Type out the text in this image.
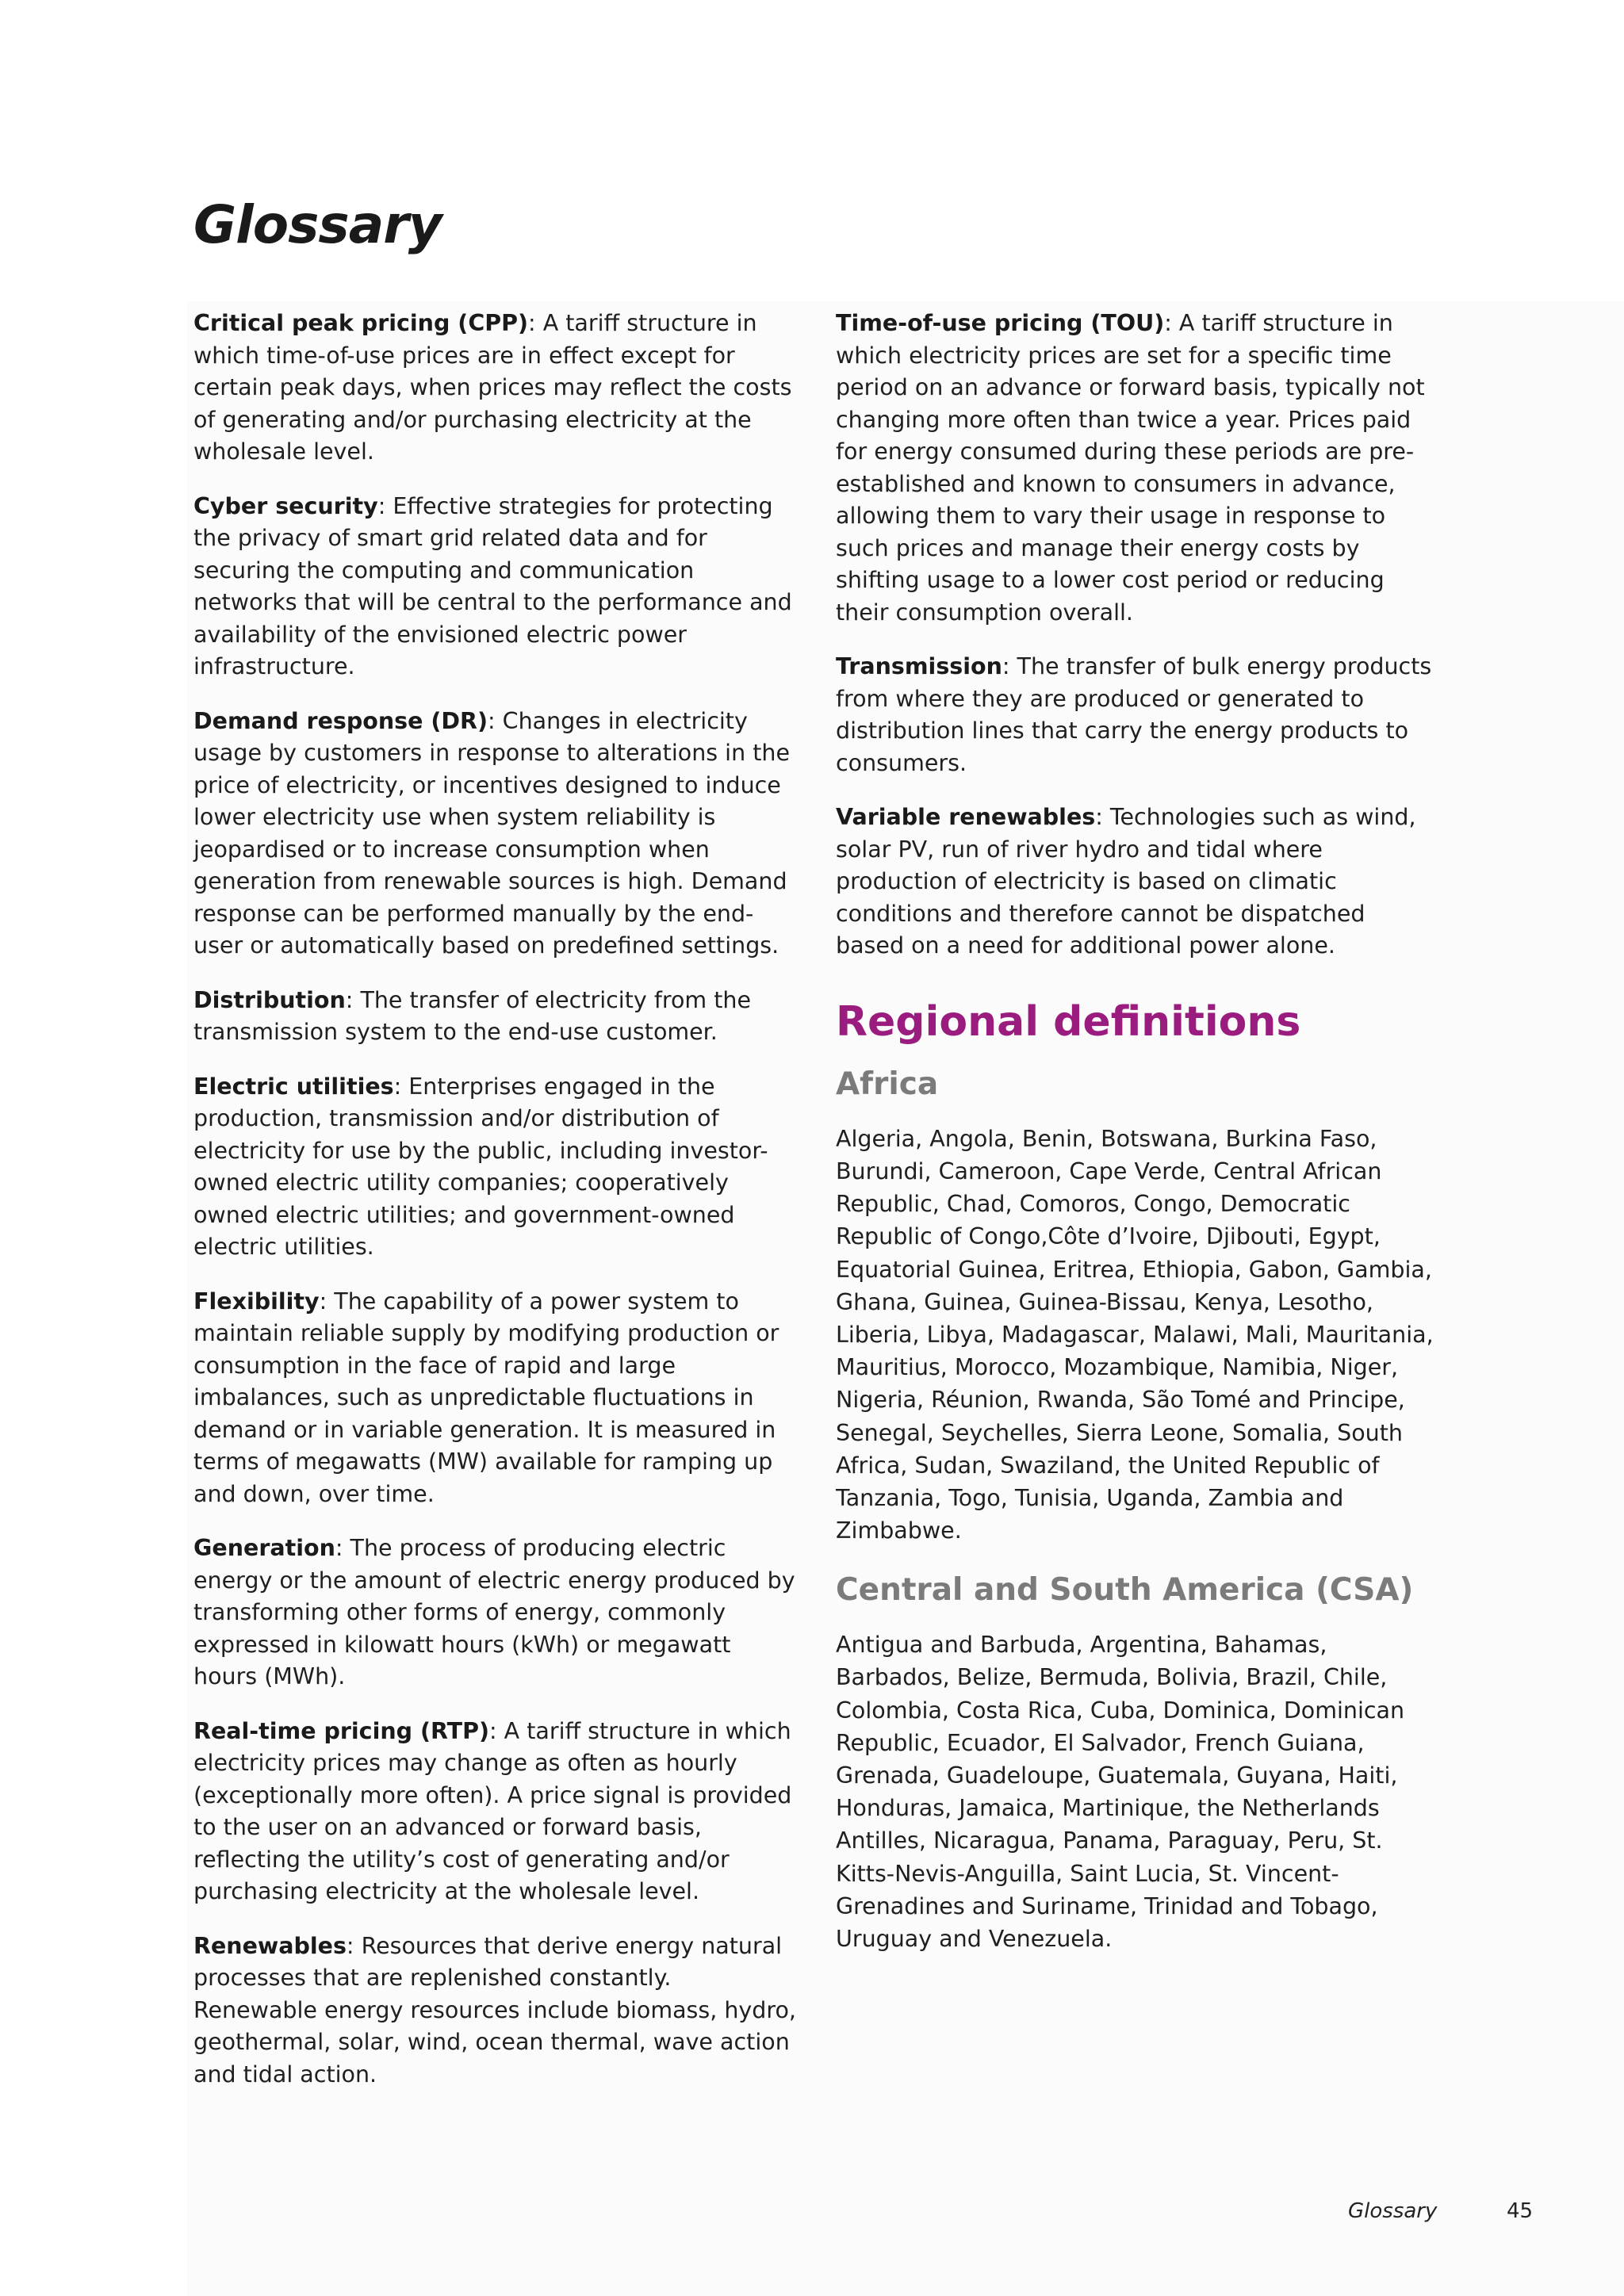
Glossary

Critical peak pricing (CPP): A tariff structure in which time-of-use prices are in effect except for certain peak days, when prices may reflect the costs of generating and/or purchasing electricity at the wholesale level.

Cyber security: Effective strategies for protecting the privacy of smart grid related data and for securing the computing and communication networks that will be central to the performance and availability of the envisioned electric power infrastructure.

Demand response (DR): Changes in electricity usage by customers in response to alterations in the price of electricity, or incentives designed to induce lower electricity use when system reliability is jeopardised or to increase consumption when generation from renewable sources is high. Demand response can be performed manually by the end-user or automatically based on predefined settings.

Distribution: The transfer of electricity from the transmission system to the end-use customer.

Electric utilities: Enterprises engaged in the production, transmission and/or distribution of electricity for use by the public, including investor-owned electric utility companies; cooperatively owned electric utilities; and government-owned electric utilities.

Flexibility: The capability of a power system to maintain reliable supply by modifying production or consumption in the face of rapid and large imbalances, such as unpredictable fluctuations in demand or in variable generation. It is measured in terms of megawatts (MW) available for ramping up and down, over time.

Generation: The process of producing electric energy or the amount of electric energy produced by transforming other forms of energy, commonly expressed in kilowatt hours (kWh) or megawatt hours (MWh).

Real-time pricing (RTP): A tariff structure in which electricity prices may change as often as hourly (exceptionally more often). A price signal is provided to the user on an advanced or forward basis, reflecting the utility’s cost of generating and/or purchasing electricity at the wholesale level.

Renewables: Resources that derive energy natural processes that are replenished constantly. Renewable energy resources include biomass, hydro, geothermal, solar, wind, ocean thermal, wave action and tidal action.

Time-of-use pricing (TOU): A tariff structure in which electricity prices are set for a specific time period on an advance or forward basis, typically not changing more often than twice a year. Prices paid for energy consumed during these periods are pre-established and known to consumers in advance, allowing them to vary their usage in response to such prices and manage their energy costs by shifting usage to a lower cost period or reducing their consumption overall.

Transmission: The transfer of bulk energy products from where they are produced or generated to distribution lines that carry the energy products to consumers.

Variable renewables: Technologies such as wind, solar PV, run of river hydro and tidal where production of electricity is based on climatic conditions and therefore cannot be dispatched based on a need for additional power alone.

Regional definitions
Africa

Algeria, Angola, Benin, Botswana, Burkina Faso, Burundi, Cameroon, Cape Verde, Central African Republic, Chad, Comoros, Congo, Democratic Republic of Congo,Côte d’Ivoire, Djibouti, Egypt, Equatorial Guinea, Eritrea, Ethiopia, Gabon, Gambia, Ghana, Guinea, Guinea-Bissau, Kenya, Lesotho, Liberia, Libya, Madagascar, Malawi, Mali, Mauritania, Mauritius, Morocco, Mozambique, Namibia, Niger, Nigeria, Réunion, Rwanda, São Tomé and Principe, Senegal, Seychelles, Sierra Leone, Somalia, South Africa, Sudan, Swaziland, the United Republic of Tanzania, Togo, Tunisia, Uganda, Zambia and Zimbabwe.

Central and South America (CSA)

Antigua and Barbuda, Argentina, Bahamas, Barbados, Belize, Bermuda, Bolivia, Brazil, Chile, Colombia, Costa Rica, Cuba, Dominica, Dominican Republic, Ecuador, El Salvador, French Guiana, Grenada, Guadeloupe, Guatemala, Guyana, Haiti, Honduras, Jamaica, Martinique, the Netherlands Antilles, Nicaragua, Panama, Paraguay, Peru, St. Kitts-Nevis-Anguilla, Saint Lucia, St. Vincent-Grenadines and Suriname, Trinidad and Tobago, Uruguay and Venezuela.

Glossary	45
